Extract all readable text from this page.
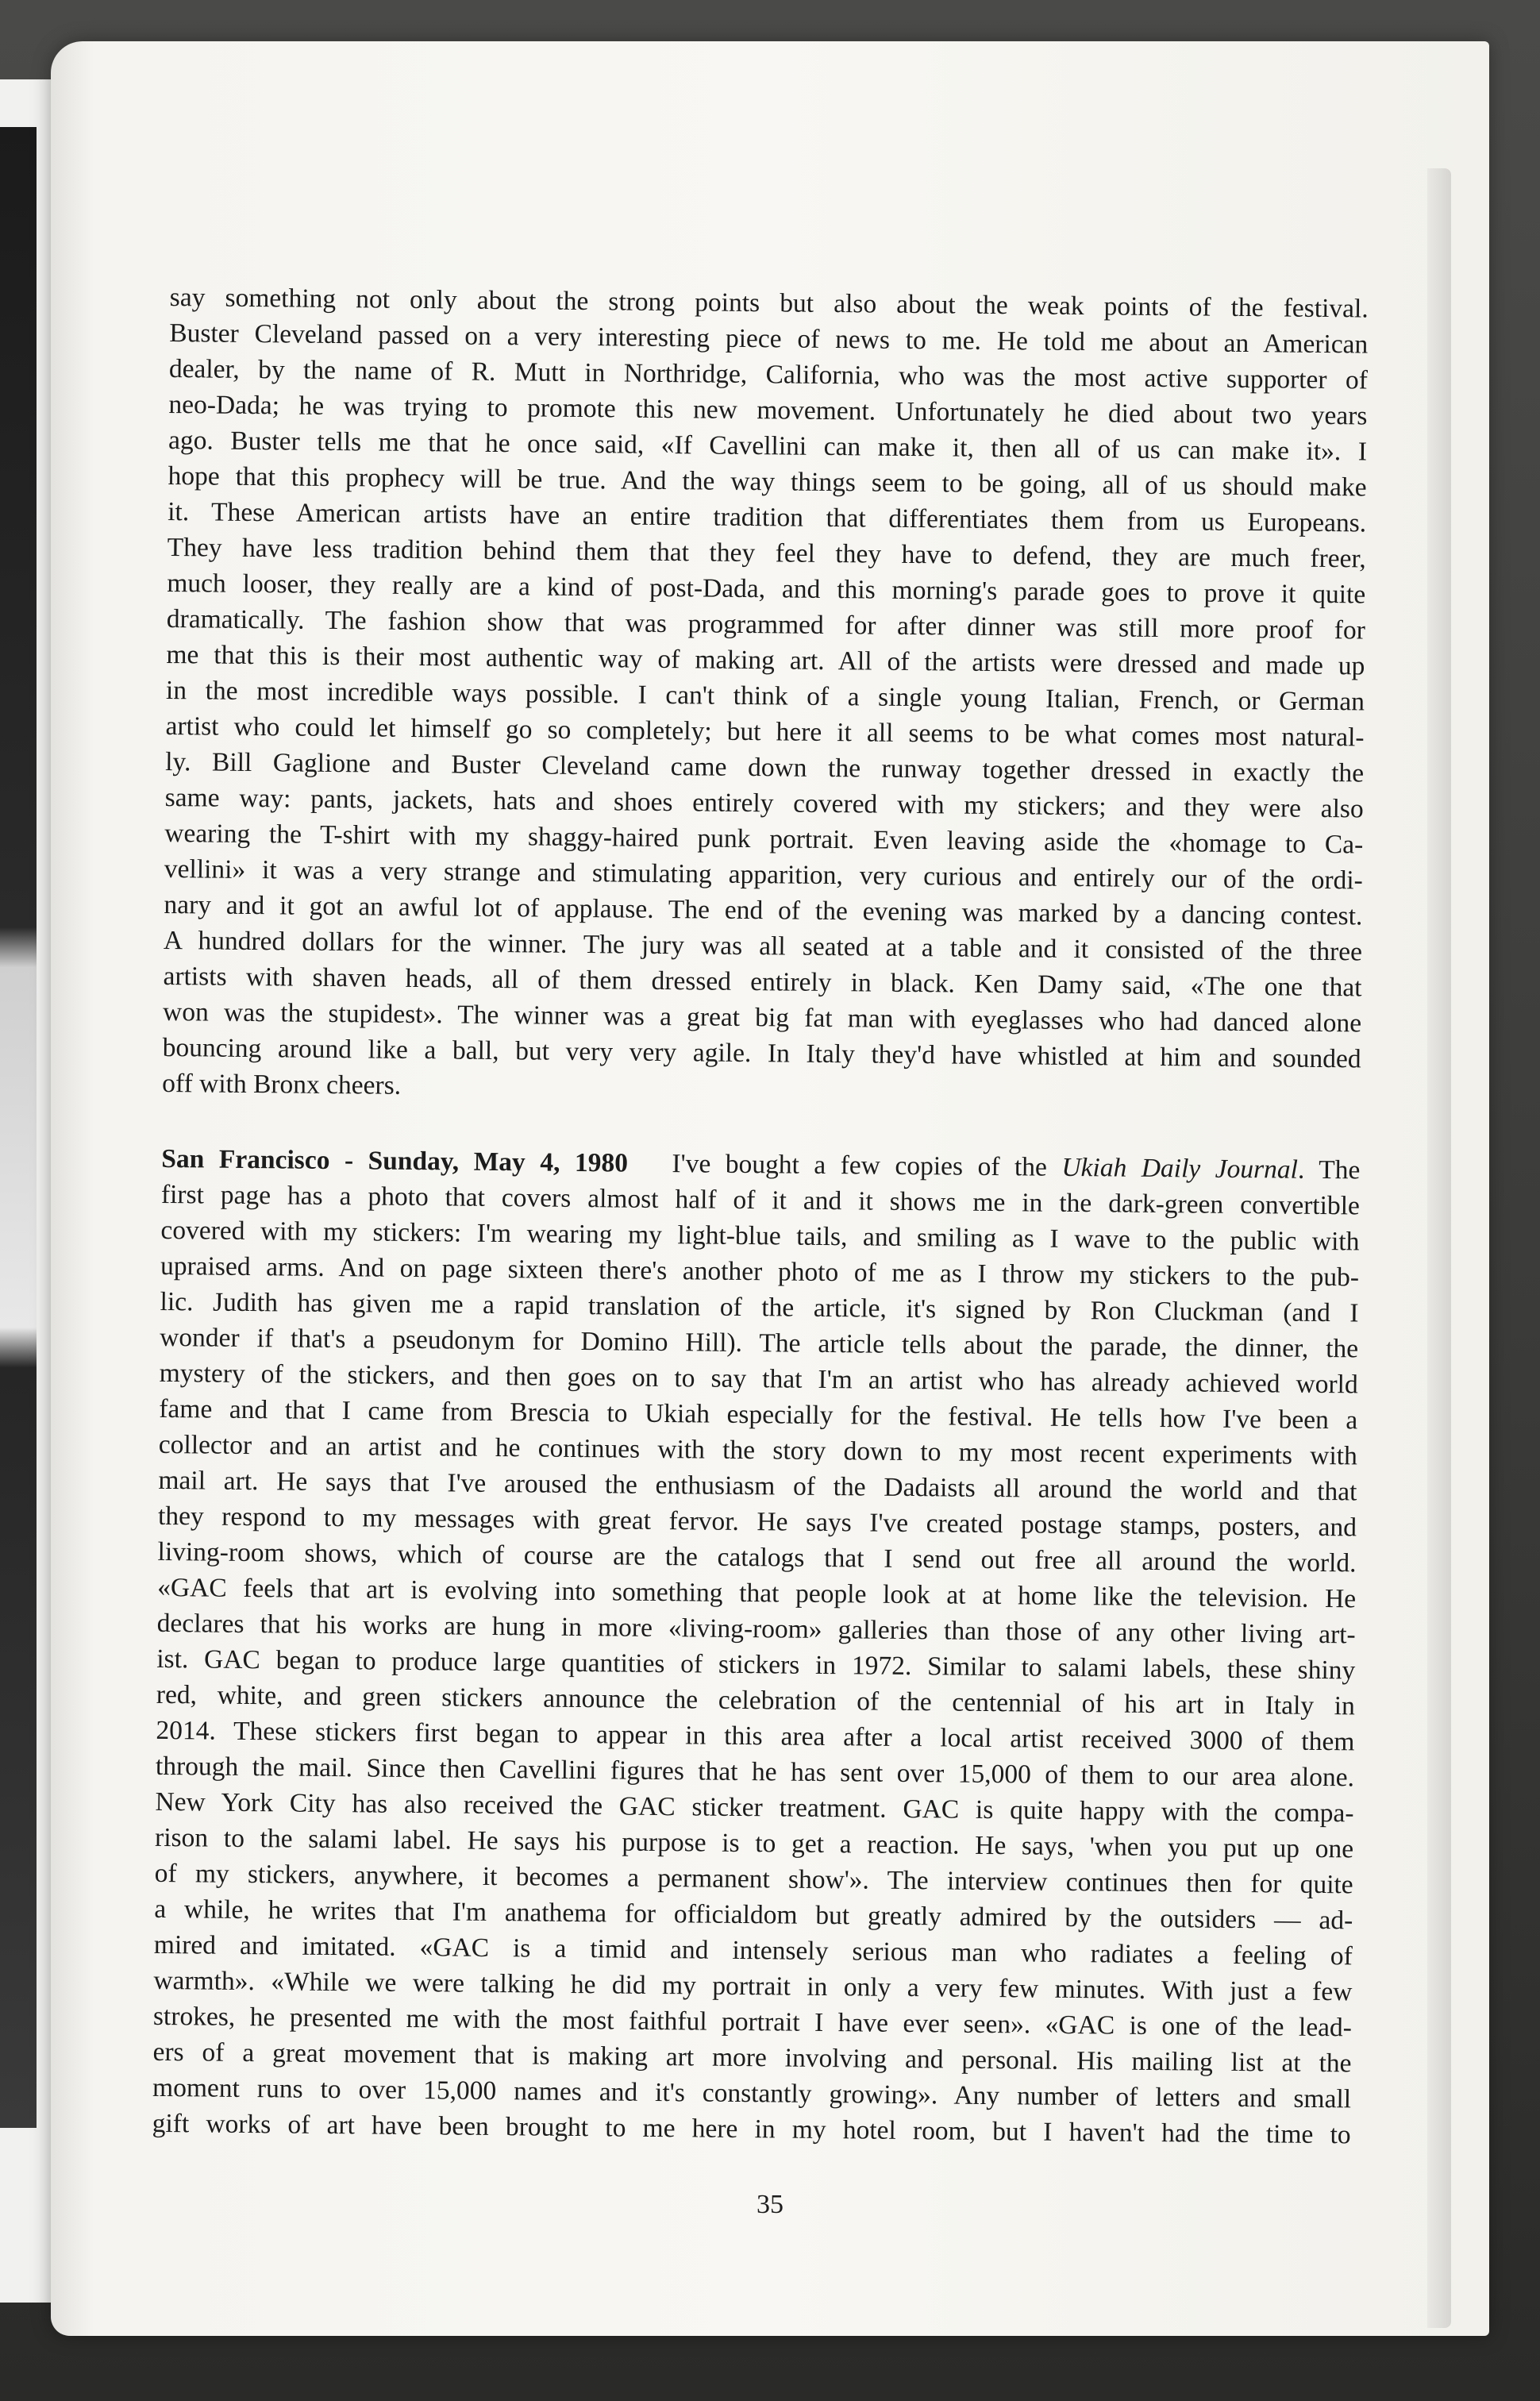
say something not only about the strong points but also about the weak points of the festival.
Buster Cleveland passed on a very interesting piece of news to me. He told me about an American
dealer, by the name of R. Mutt in Northridge, California, who was the most active supporter of
neo-Dada; he was trying to promote this new movement. Unfortunately he died about two years
ago. Buster tells me that he once said, «If Cavellini can make it, then all of us can make it». I
hope that this prophecy will be true. And the way things seem to be going, all of us should make
it. These American artists have an entire tradition that differentiates them from us Europeans.
They have less tradition behind them that they feel they have to defend, they are much freer,
much looser, they really are a kind of post-Dada, and this morning's parade goes to prove it quite
dramatically. The fashion show that was programmed for after dinner was still more proof for
me that this is their most authentic way of making art. All of the artists were dressed and made up
in the most incredible ways possible. I can't think of a single young Italian, French, or German
artist who could let himself go so completely; but here it all seems to be what comes most natural-
ly. Bill Gaglione and Buster Cleveland came down the runway together dressed in exactly the
same way: pants, jackets, hats and shoes entirely covered with my stickers; and they were also
wearing the T-shirt with my shaggy-haired punk portrait. Even leaving aside the «homage to Ca-
vellini» it was a very strange and stimulating apparition, very curious and entirely our of the ordi-
nary and it got an awful lot of applause. The end of the evening was marked by a dancing contest.
A hundred dollars for the winner. The jury was all seated at a table and it consisted of the three
artists with shaven heads, all of them dressed entirely in black. Ken Damy said, «The one that
won was the stupidest». The winner was a great big fat man with eyeglasses who had danced alone
bouncing around like a ball, but very very agile. In Italy they'd have whistled at him and sounded
off with Bronx cheers.
San Francisco - Sunday, May 4, 1980 I've bought a few copies of the Ukiah Daily Journal. The
first page has a photo that covers almost half of it and it shows me in the dark-green convertible
covered with my stickers: I'm wearing my light-blue tails, and smiling as I wave to the public with
upraised arms. And on page sixteen there's another photo of me as I throw my stickers to the pub-
lic. Judith has given me a rapid translation of the article, it's signed by Ron Cluckman (and I
wonder if that's a pseudonym for Domino Hill). The article tells about the parade, the dinner, the
mystery of the stickers, and then goes on to say that I'm an artist who has already achieved world
fame and that I came from Brescia to Ukiah especially for the festival. He tells how I've been a
collector and an artist and he continues with the story down to my most recent experiments with
mail art. He says that I've aroused the enthusiasm of the Dadaists all around the world and that
they respond to my messages with great fervor. He says I've created postage stamps, posters, and
living-room shows, which of course are the catalogs that I send out free all around the world.
«GAC feels that art is evolving into something that people look at at home like the television. He
declares that his works are hung in more «living-room» galleries than those of any other living art-
ist. GAC began to produce large quantities of stickers in 1972. Similar to salami labels, these shiny
red, white, and green stickers announce the celebration of the centennial of his art in Italy in
2014. These stickers first began to appear in this area after a local artist received 3000 of them
through the mail. Since then Cavellini figures that he has sent over 15,000 of them to our area alone.
New York City has also received the GAC sticker treatment. GAC is quite happy with the compa-
rison to the salami label. He says his purpose is to get a reaction. He says, 'when you put up one
of my stickers, anywhere, it becomes a permanent show'». The interview continues then for quite
a while, he writes that I'm anathema for officialdom but greatly admired by the outsiders — ad-
mired and imitated. «GAC is a timid and intensely serious man who radiates a feeling of
warmth». «While we were talking he did my portrait in only a very few minutes. With just a few
strokes, he presented me with the most faithful portrait I have ever seen». «GAC is one of the lead-
ers of a great movement that is making art more involving and personal. His mailing list at the
moment runs to over 15,000 names and it's constantly growing». Any number of letters and small
gift works of art have been brought to me here in my hotel room, but I haven't had the time to
35
